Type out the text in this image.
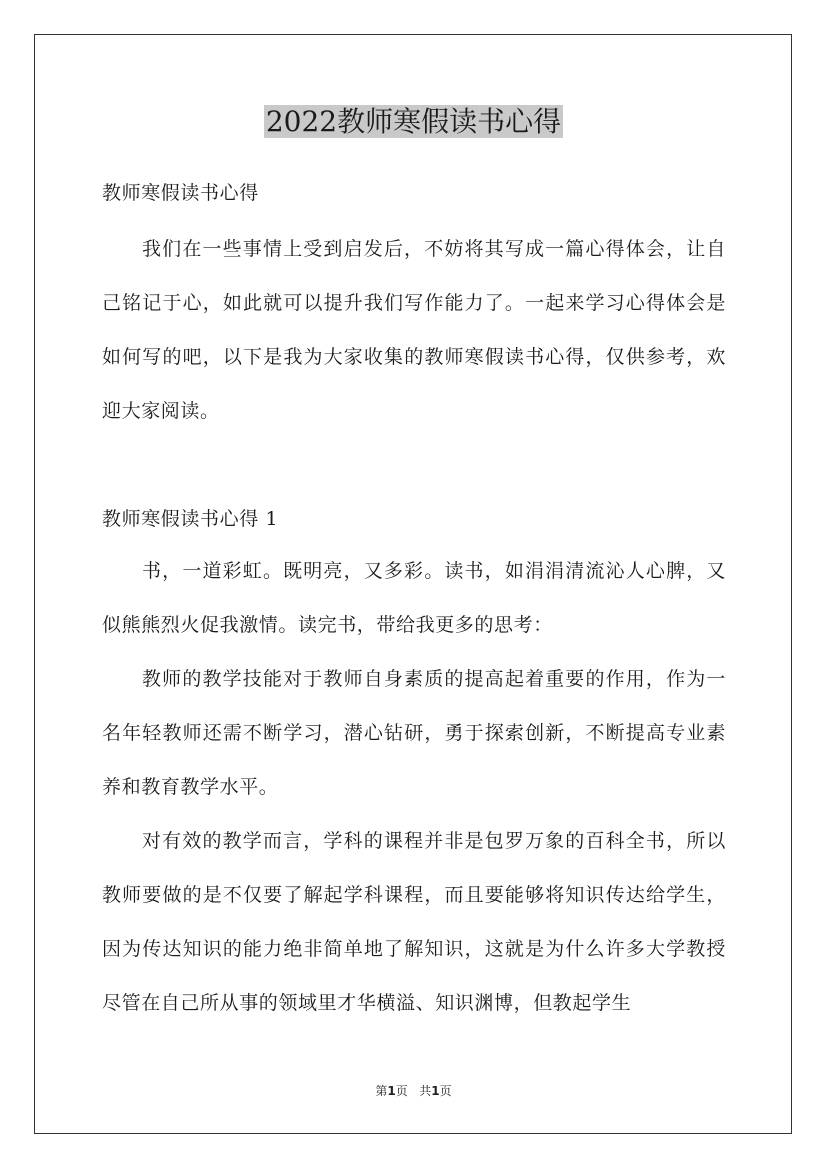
2022教师寒假读书心得

教师寒假读书心得

我们在一些事情上受到启发后，不妨将其写成一篇心得体会，让自己铭记于心，如此就可以提升我们写作能力了。一起来学习心得体会是如何写的吧，以下是我为大家收集的教师寒假读书心得，仅供参考，欢迎大家阅读。

教师寒假读书心得 1

书，一道彩虹。既明亮，又多彩。读书，如涓涓清流沁人心脾，又似熊熊烈火促我激情。读完书，带给我更多的思考：

教师的教学技能对于教师自身素质的提高起着重要的作用，作为一名年轻教师还需不断学习，潜心钻研，勇于探索创新，不断提高专业素养和教育教学水平。

对有效的教学而言，学科的课程并非是包罗万象的百科全书，所以教师要做的是不仅要了解起学科课程，而且要能够将知识传达给学生，因为传达知识的能力绝非简单地了解知识，这就是为什么许多大学教授尽管在自己所从事的领域里才华横溢、知识渊博，但教起学生

第1页 共1页
